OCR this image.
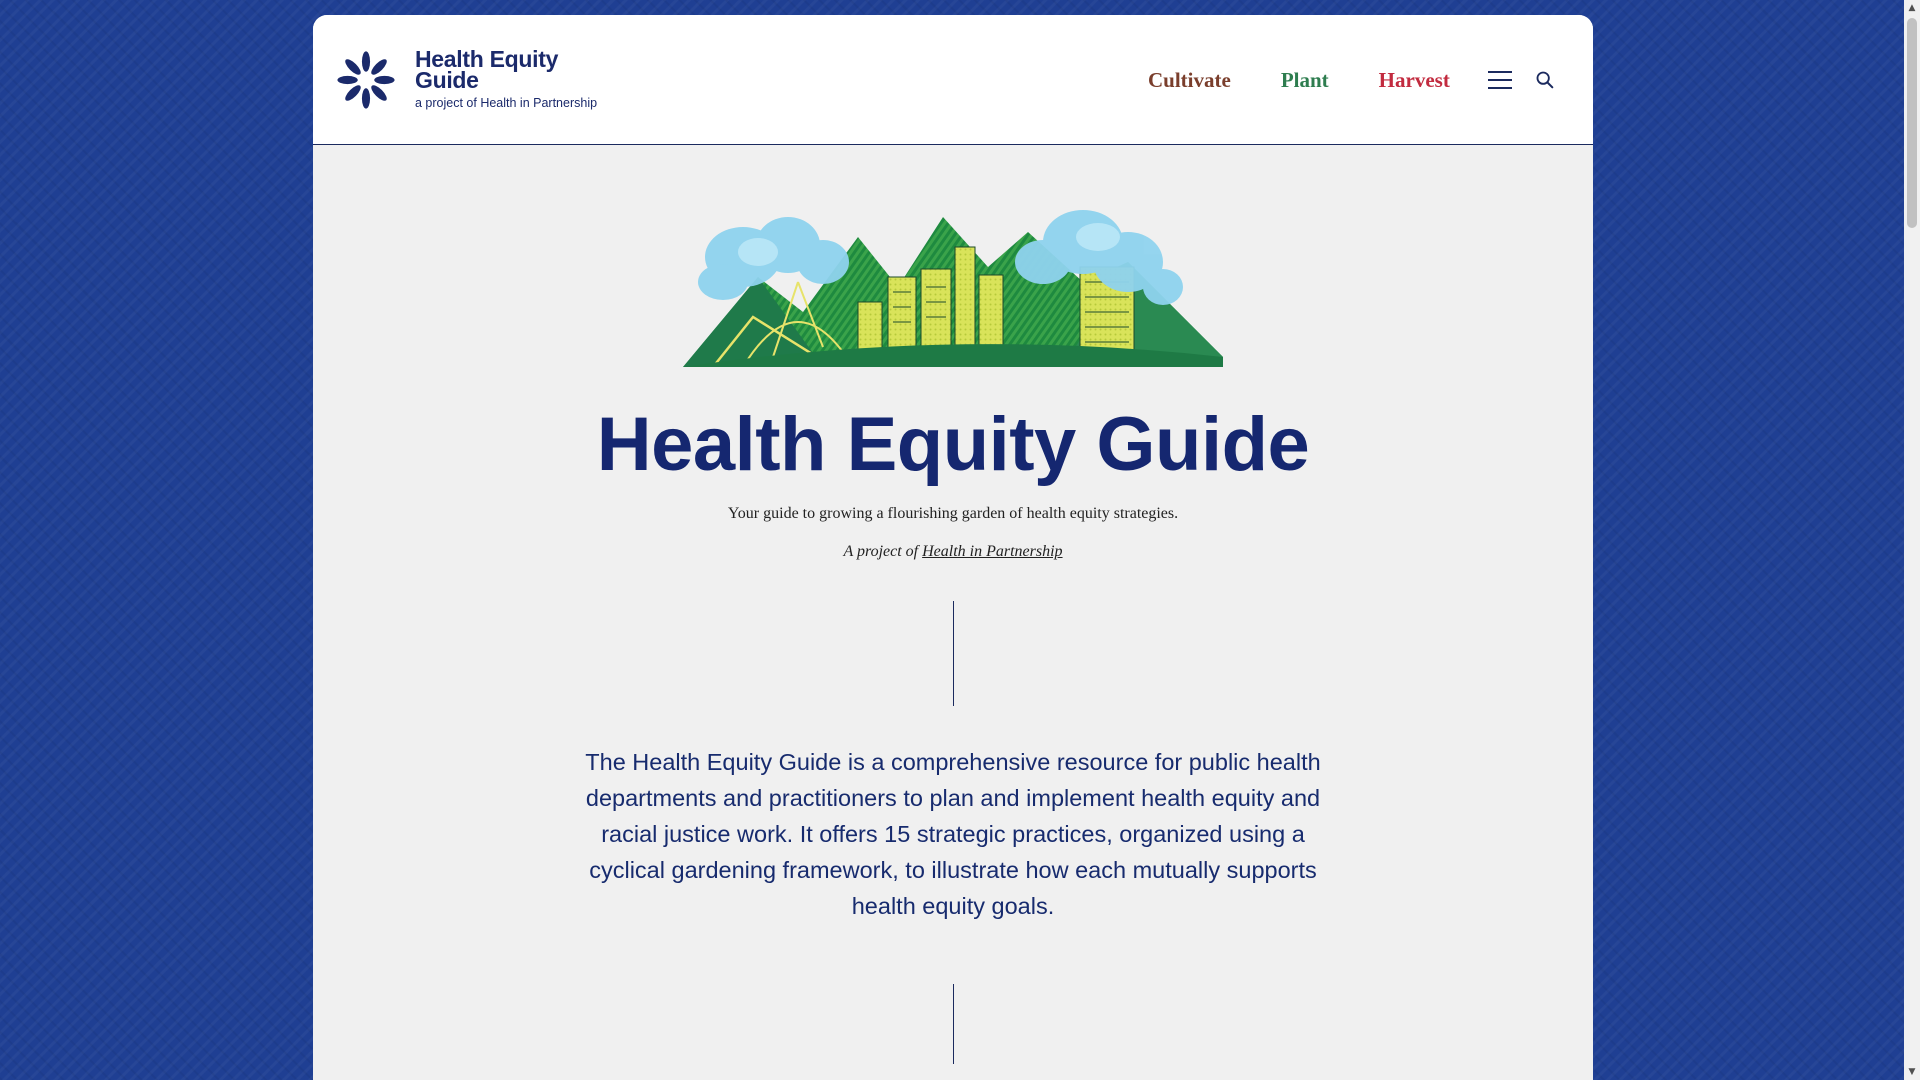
Health Equity Guide
a project of Health in Partnership
Cultivate Plant Harvest
Health Equity Guide

Your guide to growing a flourishing garden of health equity strategies.

A project of Health in Partnership

The Health Equity Guide is a comprehensive resource for public health departments and practitioners to plan and implement health equity and racial justice work. It offers 15 strategic practices, organized using a cyclical gardening framework, to illustrate how each mutually supports health equity goals.

▲
▼
